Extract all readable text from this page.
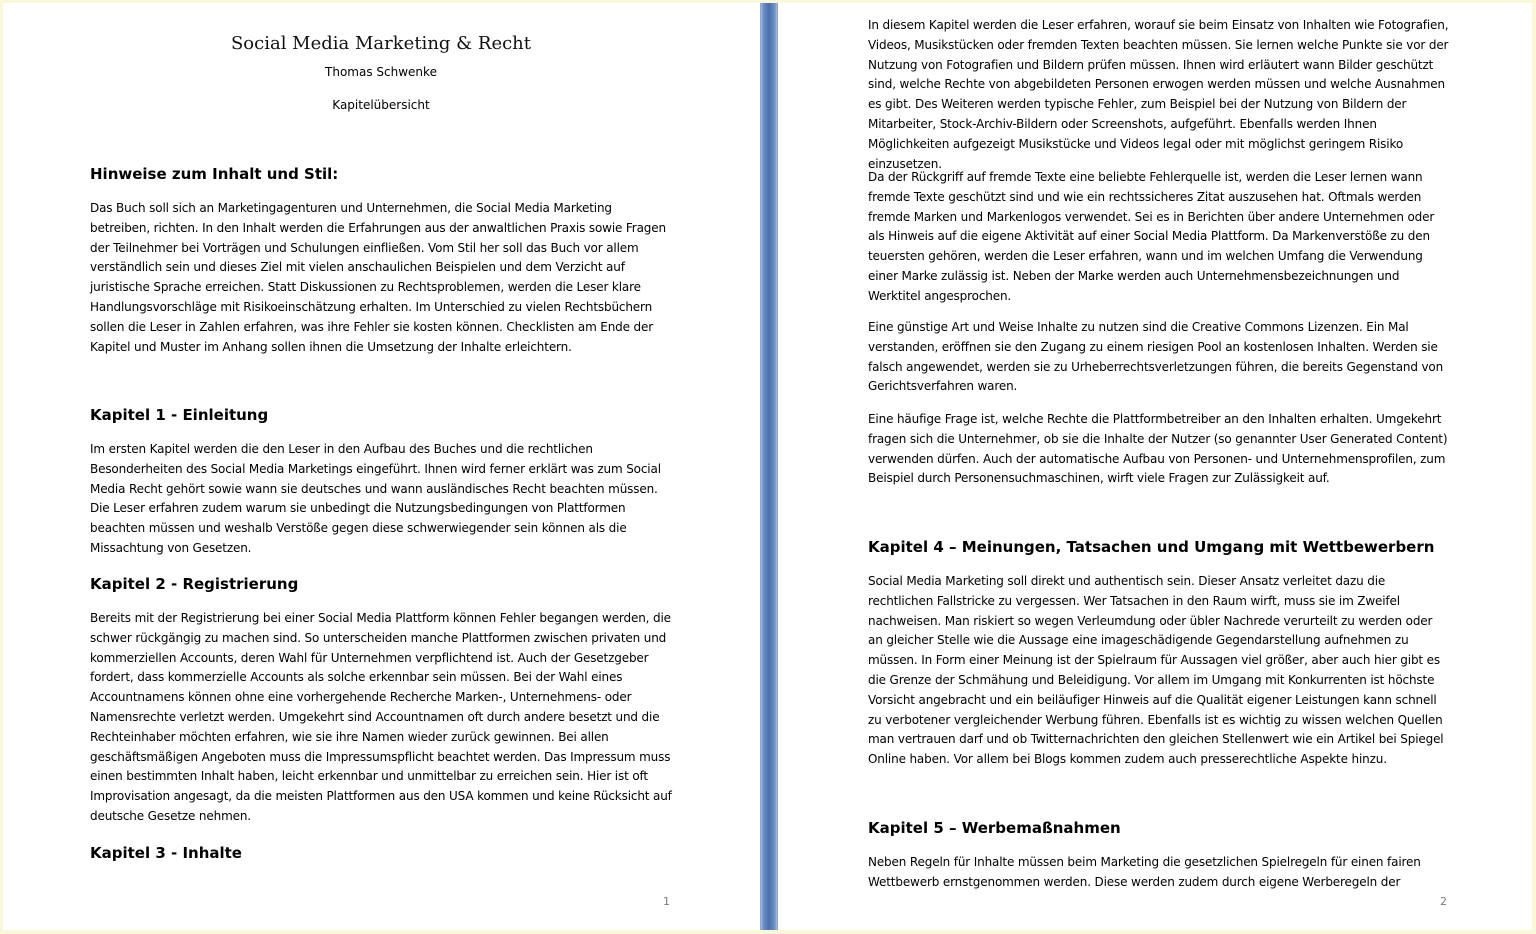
Social Media Marketing & Recht
Thomas Schwenke
Kapitelübersicht
Hinweise zum Inhalt und Stil:

Das Buch soll sich an Marketingagenturen und Unternehmen, die Social Media Marketing betreiben, richten. In den Inhalt werden die Erfahrungen aus der anwaltlichen Praxis sowie Fragen der Teilnehmer bei Vorträgen und Schulungen einfließen. Vom Stil her soll das Buch vor allem verständlich sein und dieses Ziel mit vielen anschaulichen Beispielen und dem Verzicht auf juristische Sprache erreichen. Statt Diskussionen zu Rechtsproblemen, werden die Leser klare Handlungsvorschläge mit Risikoeinschätzung erhalten. Im Unterschied zu vielen Rechtsbüchern sollen die Leser in Zahlen erfahren, was ihre Fehler sie kosten können. Checklisten am Ende der Kapitel und Muster im Anhang sollen ihnen die Umsetzung der Inhalte erleichtern.

Kapitel 1 - Einleitung

Im ersten Kapitel werden die den Leser in den Aufbau des Buches und die rechtlichen Besonderheiten des Social Media Marketings eingeführt. Ihnen wird ferner erklärt was zum Social Media Recht gehört sowie wann sie deutsches und wann ausländisches Recht beachten müssen. Die Leser erfahren zudem warum sie unbedingt die Nutzungsbedingungen von Plattformen beachten müssen und weshalb Verstöße gegen diese schwerwiegender sein können als die Missachtung von Gesetzen.

Kapitel 2 - Registrierung

Bereits mit der Registrierung bei einer Social Media Plattform können Fehler begangen werden, die schwer rückgängig zu machen sind. So unterscheiden manche Plattformen zwischen privaten und kommerziellen Accounts, deren Wahl für Unternehmen verpflichtend ist. Auch der Gesetzgeber fordert, dass kommerzielle Accounts als solche erkennbar sein müssen. Bei der Wahl eines Accountnamens können ohne eine vorhergehende Recherche Marken-, Unternehmens- oder Namensrechte verletzt werden. Umgekehrt sind Accountnamen oft durch andere besetzt und die Rechteinhaber möchten erfahren, wie sie ihre Namen wieder zurück gewinnen. Bei allen geschäftsmäßigen Angeboten muss die Impressumspflicht beachtet werden. Das Impressum muss einen bestimmten Inhalt haben, leicht erkennbar und unmittelbar zu erreichen sein. Hier ist oft Improvisation angesagt, da die meisten Plattformen aus den USA kommen und keine Rücksicht auf deutsche Gesetze nehmen.

Kapitel 3 - Inhalte
1

In diesem Kapitel werden die Leser erfahren, worauf sie beim Einsatz von Inhalten wie Fotografien, Videos, Musikstücken oder fremden Texten beachten müssen. Sie lernen welche Punkte sie vor der Nutzung von Fotografien und Bildern prüfen müssen. Ihnen wird erläutert wann Bilder geschützt sind, welche Rechte von abgebildeten Personen erwogen werden müssen und welche Ausnahmen es gibt. Des Weiteren werden typische Fehler, zum Beispiel bei der Nutzung von Bildern der Mitarbeiter, Stock-Archiv-Bildern oder Screenshots, aufgeführt. Ebenfalls werden Ihnen Möglichkeiten aufgezeigt Musikstücke und Videos legal oder mit möglichst geringem Risiko einzusetzen.

Da der Rückgriff auf fremde Texte eine beliebte Fehlerquelle ist, werden die Leser lernen wann fremde Texte geschützt sind und wie ein rechtssicheres Zitat auszusehen hat. Oftmals werden fremde Marken und Markenlogos verwendet. Sei es in Berichten über andere Unternehmen oder als Hinweis auf die eigene Aktivität auf einer Social Media Plattform. Da Markenverstöße zu den teuersten gehören, werden die Leser erfahren, wann und im welchen Umfang die Verwendung einer Marke zulässig ist. Neben der Marke werden auch Unternehmensbezeichnungen und Werktitel angesprochen.

Eine günstige Art und Weise Inhalte zu nutzen sind die Creative Commons Lizenzen. Ein Mal verstanden, eröffnen sie den Zugang zu einem riesigen Pool an kostenlosen Inhalten. Werden sie falsch angewendet, werden sie zu Urheberrechtsverletzungen führen, die bereits Gegenstand von Gerichtsverfahren waren.

Eine häufige Frage ist, welche Rechte die Plattformbetreiber an den Inhalten erhalten. Umgekehrt fragen sich die Unternehmer, ob sie die Inhalte der Nutzer (so genannter User Generated Content) verwenden dürfen. Auch der automatische Aufbau von Personen- und Unternehmensprofilen, zum Beispiel durch Personensuchmaschinen, wirft viele Fragen zur Zulässigkeit auf.

Kapitel 4 – Meinungen, Tatsachen und Umgang mit Wettbewerbern

Social Media Marketing soll direkt und authentisch sein. Dieser Ansatz verleitet dazu die rechtlichen Fallstricke zu vergessen. Wer Tatsachen in den Raum wirft, muss sie im Zweifel nachweisen. Man riskiert so wegen Verleumdung oder übler Nachrede verurteilt zu werden oder an gleicher Stelle wie die Aussage eine imageschädigende Gegendarstellung aufnehmen zu müssen. In Form einer Meinung ist der Spielraum für Aussagen viel größer, aber auch hier gibt es die Grenze der Schmähung und Beleidigung. Vor allem im Umgang mit Konkurrenten ist höchste Vorsicht angebracht und ein beiläufiger Hinweis auf die Qualität eigener Leistungen kann schnell zu verbotener vergleichender Werbung führen. Ebenfalls ist es wichtig zu wissen welchen Quellen man vertrauen darf und ob Twitternachrichten den gleichen Stellenwert wie ein Artikel bei Spiegel Online haben. Vor allem bei Blogs kommen zudem auch presserechtliche Aspekte hinzu.

Kapitel 5 – Werbemaßnahmen

Neben Regeln für Inhalte müssen beim Marketing die gesetzlichen Spielregeln für einen fairen Wettbewerb ernstgenommen werden. Diese werden zudem durch eigene Werberegeln der

2
